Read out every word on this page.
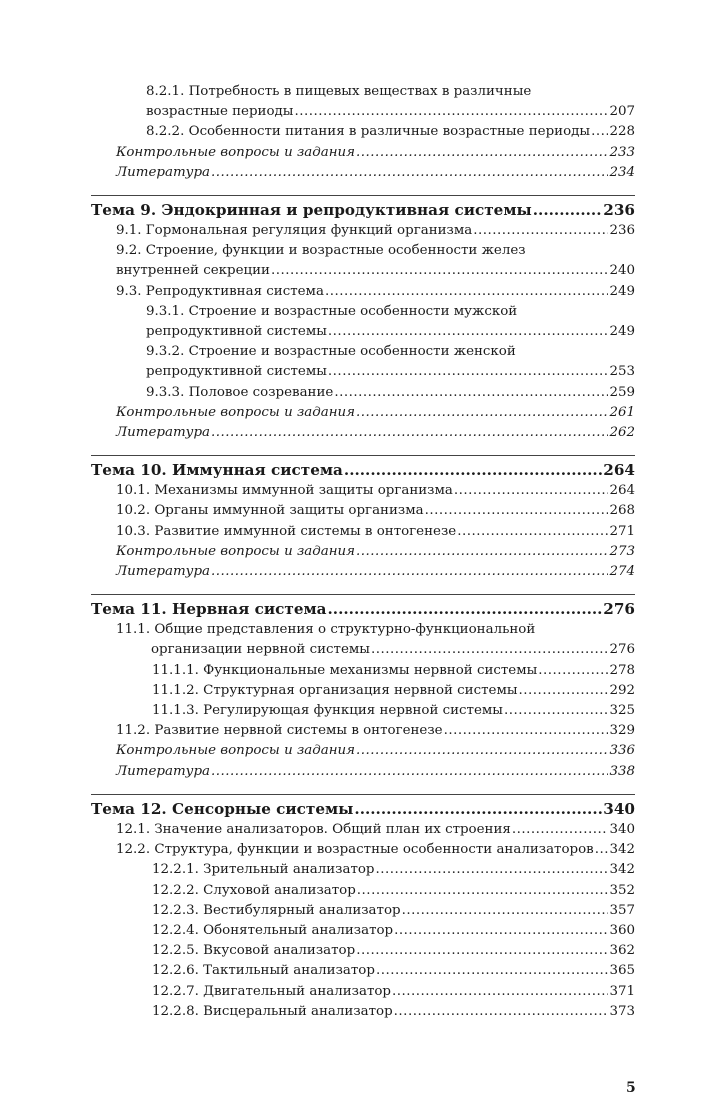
8.2.1. Потребность в пищевых веществах в различные
возрастные периоды .....	207
8.2.2. Особенности питания в различные возрастные периоды ..... 228
Контрольные вопросы и задания .....	233
Литература .....	234
Тема 9. Эндокринная и репродуктивная системы .....	236
9.1. Гормональная регуляция функций организма .....	236
9.2. Строение, функции и возрастные особенности желез
внутренней секреции .....	240
9.3. Репродуктивная система .....	249
9.3.1. Строение и возрастные особенности мужской
репродуктивной системы .....	249
9.3.2. Строение и возрастные особенности женской
репродуктивной системы .....	253
9.3.3. Половое созревание .....	259
Контрольные вопросы и задания .....	261
Литература .....	262
Тема 10. Иммунная система .....	264
10.1. Механизмы иммунной защиты организма .....	264
10.2. Органы иммунной защиты организма .....	268
10.3. Развитие иммунной системы в онтогенезе .....	271
Контрольные вопросы и задания .....	273
Литература .....	274
Тема 11. Нервная система .....	276
11.1. Общие представления о структурно-функциональной
организации нервной системы .....	276
11.1.1. Функциональные механизмы нервной системы .....	278
11.1.2. Структурная организация нервной системы .....	292
11.1.3. Регулирующая функция нервной системы .....	325
11.2. Развитие нервной системы в онтогенезе .....	329
Контрольные вопросы и задания .....	336
Литература .....	338
Тема 12. Сенсорные системы .....	340
12.1. Значение анализаторов. Общий план их строения .....	340
12.2. Структура, функции и возрастные особенности анализаторов ..... 342
12.2.1. Зрительный анализатор .....	342
12.2.2. Слуховой анализатор .....	352
12.2.3. Вестибулярный анализатор .....	357
12.2.4. Обонятельный анализатор .....	360
12.2.5. Вкусовой анализатор .....	362
12.2.6. Тактильный анализатор .....	365
12.2.7. Двигательный анализатор .....	371
12.2.8. Висцеральный анализатор .....	373
5
